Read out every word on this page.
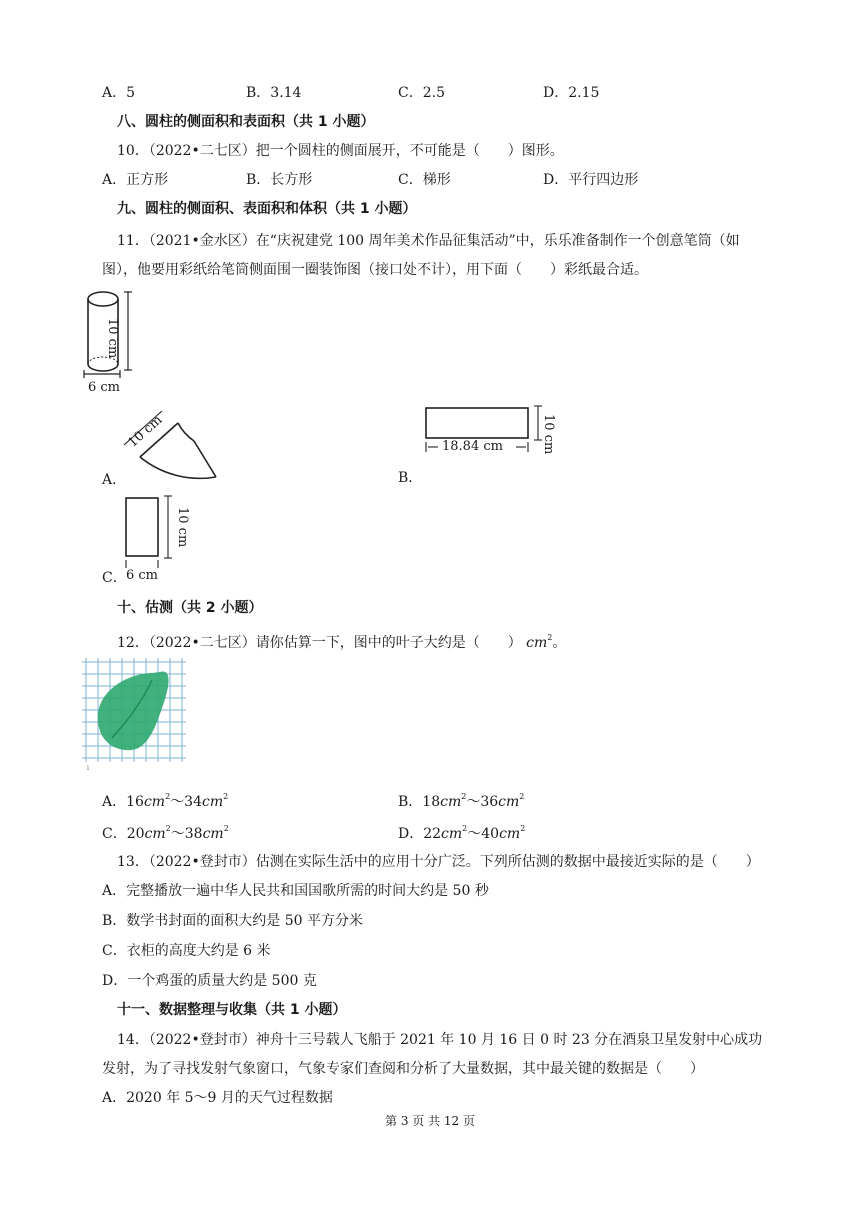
A．5	B．3.14	C．2.5	D．2.15
八、圆柱的侧面积和表面积（共 1 小题）
10．（2022•二七区）把一个圆柱的侧面展开，不可能是（　　）图形。
A．正方形	B．长方形	C．梯形	D．平行四边形
九、圆柱的侧面积、表面积和体积（共 1 小题）
11．（2021•金水区）在“庆祝建党 100 周年美术作品征集活动”中，乐乐准备制作一个创意笔筒（如
图），他要用彩纸给笔筒侧面围一圈装饰图（接口处不计），用下面（　　）彩纸最合适。
10 cm
6 cm
A．
10 cm
B．
18.84 cm	10 cm
C．
10 cm
6 cm
十、估测（共 2 小题）
12．（2022•二七区）请你估算一下，图中的叶子大约是（　　） $cm^2$。
1
A．$16cm^2\sim 34cm^2$	B．$18cm^2\sim 36cm^2$
C．$20cm^2\sim 38cm^2$	D．$22cm^2\sim 40cm^2$
13．（2022•登封市）估测在实际生活中的应用十分广泛。下列所估测的数据中最接近实际的是（　　）
A．完整播放一遍中华人民共和国国歌所需的时间大约是 50 秒
B．数学书封面的面积大约是 50 平方分米
C．衣柜的高度大约是 6 米
D．一个鸡蛋的质量大约是 500 克
十一、数据整理与收集（共 1 小题）
14．（2022•登封市）神舟十三号载人飞船于 2021 年 10 月 16 日 0 时 23 分在酒泉卫星发射中心成功
发射，为了寻找发射气象窗口，气象专家们查阅和分析了大量数据，其中最关键的数据是（　　）
A．2020 年 5～9 月的天气过程数据
第 3 页 共 12 页
